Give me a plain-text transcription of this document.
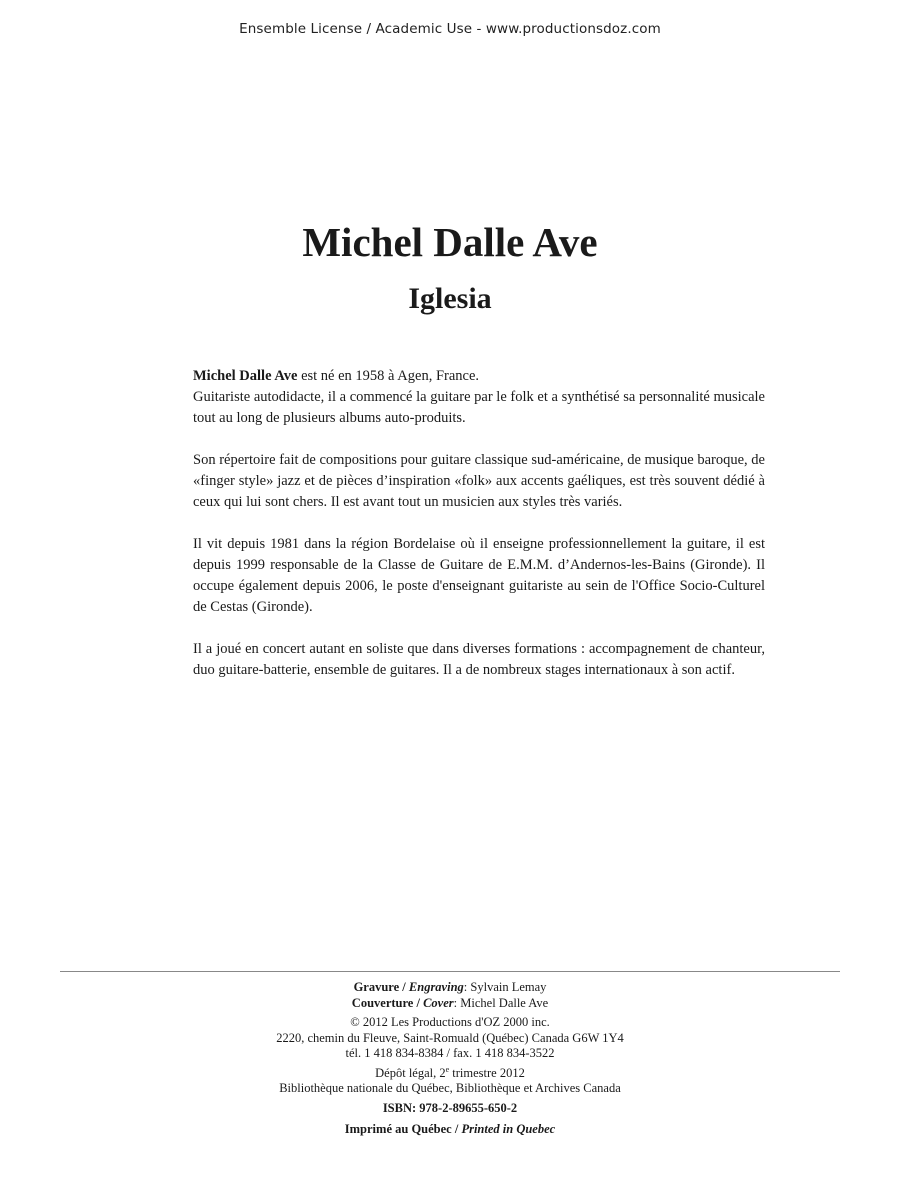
Ensemble License / Academic Use - www.productionsdoz.com
Michel Dalle Ave
Iglesia

Michel Dalle Ave est né en 1958 à Agen, France.
Guitariste autodidacte, il a commencé la guitare par le folk et a synthétisé sa personnalité musicale tout au long de plusieurs albums auto-produits.

Son répertoire fait de compositions pour guitare classique sud-américaine, de musique baroque, de «finger style» jazz et de pièces d’inspiration «folk» aux accents gaéliques, est très souvent dédié à ceux qui lui sont chers. Il est avant tout un musicien aux styles très variés.

Il vit depuis 1981 dans la région Bordelaise où il enseigne professionnellement la guitare, il est depuis 1999 responsable de la Classe de Guitare de E.M.M. d’Andernos-les-Bains (Gironde). Il occupe également depuis 2006, le poste d'enseignant guitariste au sein de l'Office Socio-Culturel de Cestas (Gironde).

Il a joué en concert autant en soliste que dans diverses formations : accompagnement de chanteur, duo guitare-batterie, ensemble de guitares. Il a de nombreux stages internationaux à son actif.

Gravure / Engraving: Sylvain Lemay
Couverture / Cover: Michel Dalle Ave
© 2012 Les Productions d'OZ 2000 inc.
2220, chemin du Fleuve, Saint-Romuald (Québec) Canada G6W 1Y4
tél. 1 418 834-8384 / fax. 1 418 834-3522
Dépôt légal, 2e trimestre 2012
Bibliothèque nationale du Québec, Bibliothèque et Archives Canada
ISBN: 978-2-89655-650-2
Imprimé au Québec / Printed in Quebec
